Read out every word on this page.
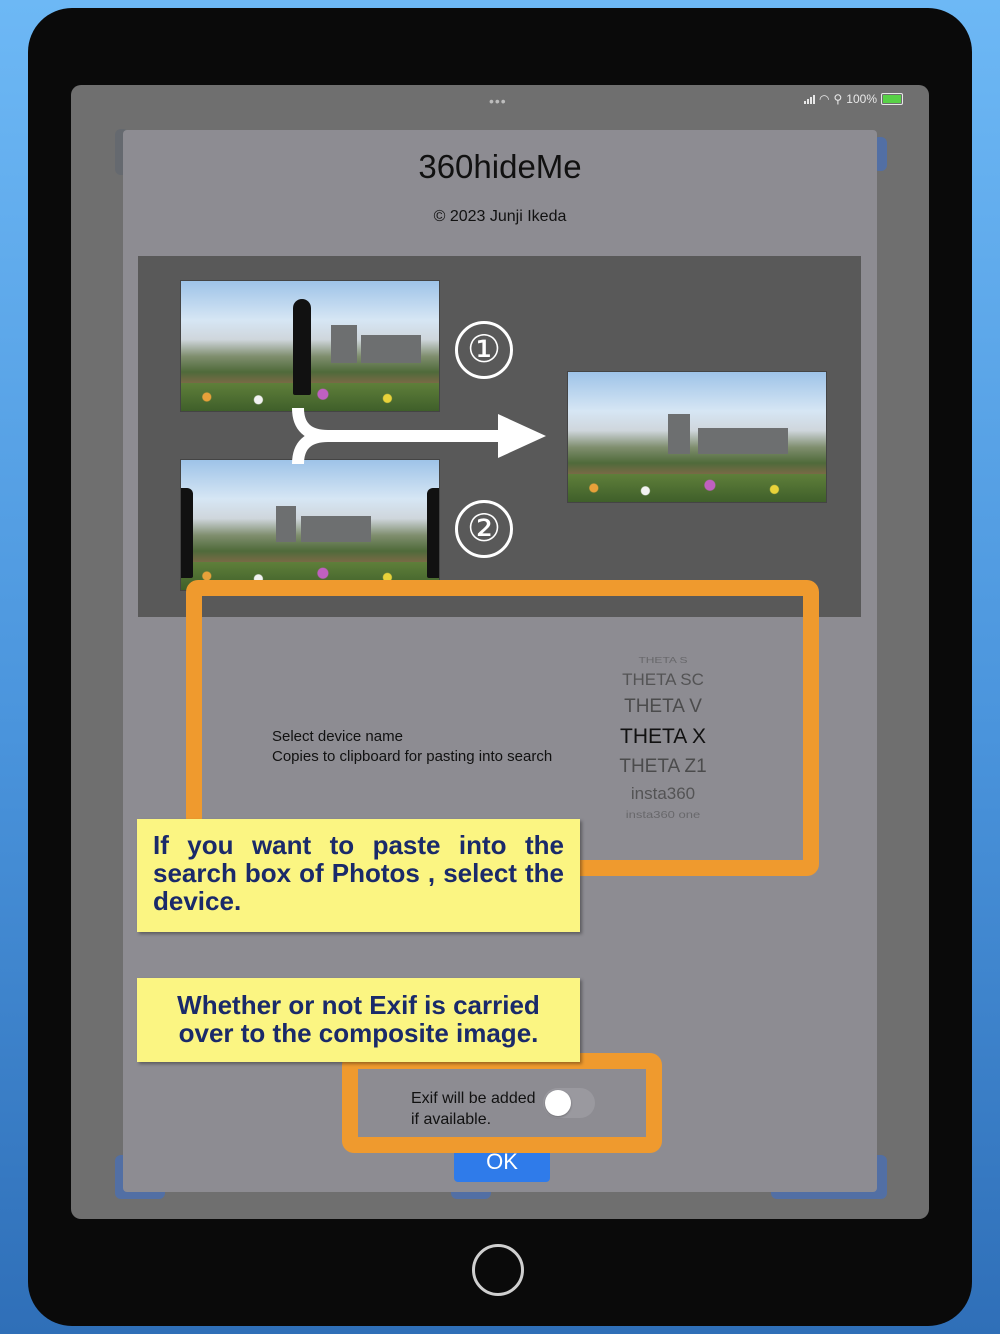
•••	◠ ⚲ 100%
360hideMe
© 2023 Junji Ikeda
①
②
Select device name
Copies to clipboard for pasting into search
THETA S
THETA SC
THETA V
THETA X
THETA Z1
insta360
insta360 one
Exif will be added
if available.
OK
If you want to paste into the search box of Photos , select the device.
Whether or not Exif is carried over to the composite image.
